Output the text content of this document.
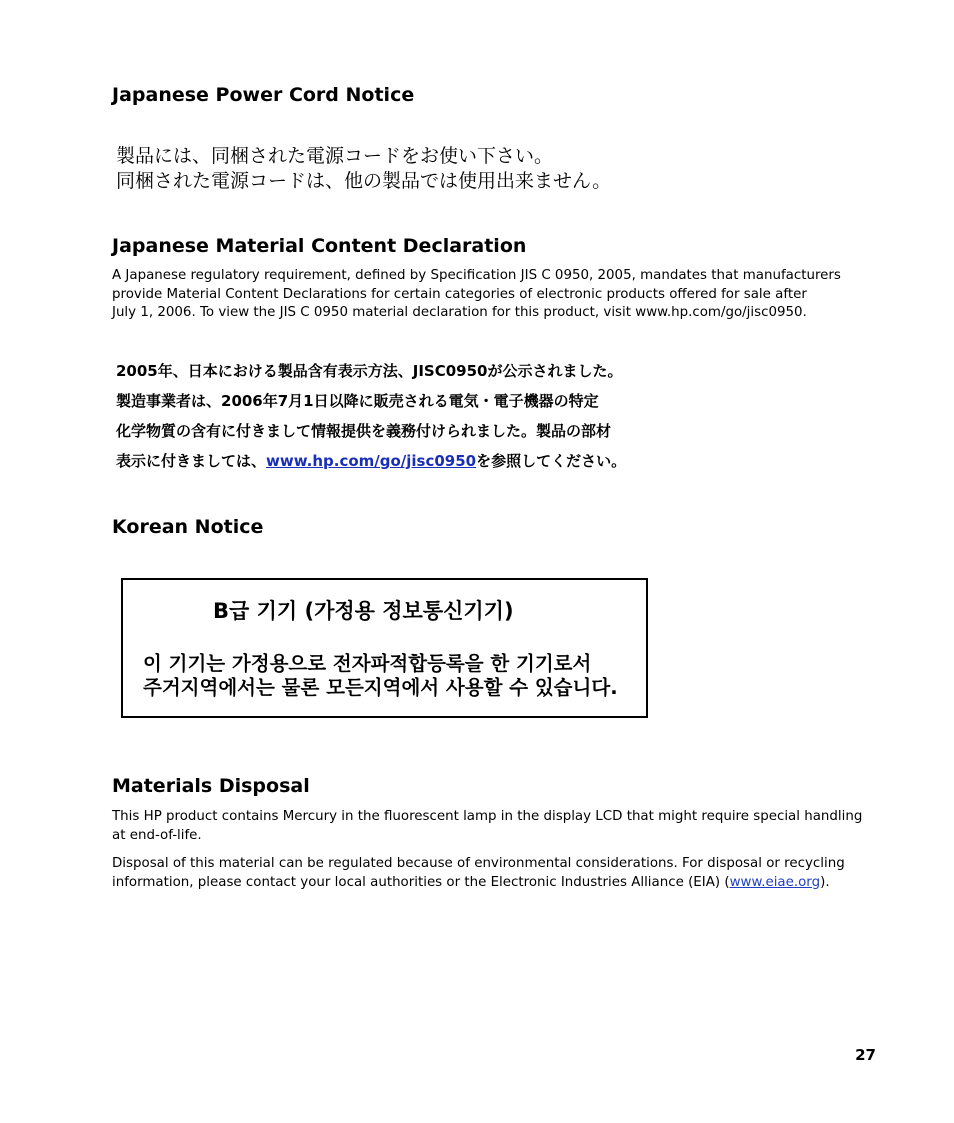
Japanese Power Cord Notice
製品には、同梱された電源コードをお使い下さい。
同梱された電源コードは、他の製品では使用出来ません。
Japanese Material Content Declaration

A Japanese regulatory requirement, defined by Specification JIS C 0950, 2005, mandates that manufacturers
provide Material Content Declarations for certain categories of electronic products offered for sale after
July 1, 2006. To view the JIS C 0950 material declaration for this product, visit www.hp.com/go/jisc0950.

2005年、日本における製品含有表示方法、JISC0950が公示されました。
製造事業者は、2006年7月1日以降に販売される電気・電子機器の特定
化学物質の含有に付きまして情報提供を義務付けられました。製品の部材
表示に付きましては、www.hp.com/go/jisc0950を参照してください。
Korean Notice
B급 기기 (가정용 정보통신기기)
이 기기는 가정용으로 전자파적합등록을 한 기기로서
주거지역에서는 물론 모든지역에서 사용할 수 있습니다.
Materials Disposal

This HP product contains Mercury in the fluorescent lamp in the display LCD that might require special handling
at end-of-life.

Disposal of this material can be regulated because of environmental considerations. For disposal or recycling
information, please contact your local authorities or the Electronic Industries Alliance (EIA) (www.eiae.org).

27
